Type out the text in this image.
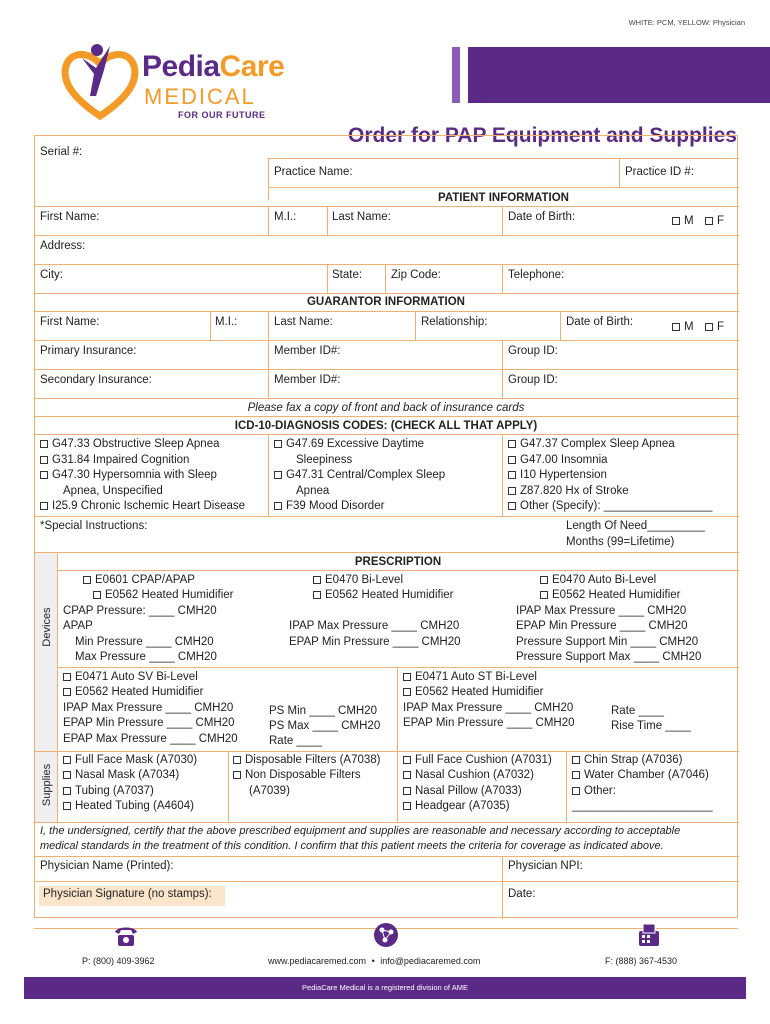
WHITE: PCM, YELLOW: Physician
PediaCare
MEDICAL
FOR OUR FUTURE
Order for PAP Equipment and Supplies
Serial #:
Practice Name:	Practice ID #:
PATIENT INFORMATION
First Name:	M.I.:	Last Name:	Date of Birth:	M	F
Address:
City:	State:	Zip Code:	Telephone:
GUARANTOR INFORMATION
First Name:	M.I.:	Last Name:	Relationship:	Date of Birth:	M	F
Primary Insurance:	Member ID#:	Group ID:
Secondary Insurance:	Member ID#:	Group ID:
Please fax a copy of front and back of insurance cards
ICD-10-DIAGNOSIS CODES: (CHECK ALL THAT APPLY)
G47.33 Obstructive Sleep Apnea
G31.84 Impaired Cognition
G47.30 Hypersomnia with Sleep
Apnea, Unspecified
I25.9 Chronic Ischemic Heart Disease
G47.69 Excessive Daytime
Sleepiness
G47.31 Central/Complex Sleep
Apnea
F39 Mood Disorder
G47.37 Complex Sleep Apnea
G47.00 Insomnia
I10 Hypertension
Z87.820 Hx of Stroke
Other (Specify): _________________
*Special Instructions:	Length Of Need_________
Months (99=Lifetime)
Devices
PRESCRIPTION
E0601 CPAP/APAP
E0562 Heated Humidifier
CPAP Pressure: ____ CMH20
APAP
Min Pressure ____ CMH20
Max Pressure ____ CMH20
E0470 Bi-Level
E0562 Heated Humidifier
IPAP Max Pressure ____ CMH20
EPAP Min Pressure ____ CMH20
E0470 Auto Bi-Level
E0562 Heated Humidifier
IPAP Max Pressure ____ CMH20
EPAP Min Pressure ____ CMH20
Pressure Support Min ____ CMH20
Pressure Support Max ____ CMH20
E0471 Auto SV Bi-Level
E0562 Heated Humidifier
IPAP Max Pressure ____ CMH20
EPAP Min Pressure ____ CMH20
EPAP Max Pressure ____ CMH20
PS Min ____ CMH20
PS Max ____ CMH20
Rate ____
E0471 Auto ST Bi-Level
E0562 Heated Humidifier
IPAP Max Pressure ____ CMH20
EPAP Min Pressure ____ CMH20
Rate ____
Rise Time ____
Supplies
Full Face Mask (A7030)
Nasal Mask (A7034)
Tubing (A7037)
Heated Tubing (A4604)
Disposable Filters (A7038)
Non Disposable Filters
(A7039)
Full Face Cushion (A7031)
Nasal Cushion (A7032)
Nasal Pillow (A7033)
Headgear (A7035)
Chin Strap (A7036)
Water Chamber (A7046)
Other:
______________________
I, the undersigned, certify that the above prescribed equipment and supplies are reasonable and necessary according to acceptable
medical standards in the treatment of this condition. I confirm that this patient meets the criteria for coverage as indicated above.
Physician Name (Printed):	Physician NPI:
Physician Signature (no stamps):	Date:
P: (800) 409-3962	www.pediacaremed.com • info@pediacaremed.com	F: (888) 367-4530
PediaCare Medical is a registered division of AME
